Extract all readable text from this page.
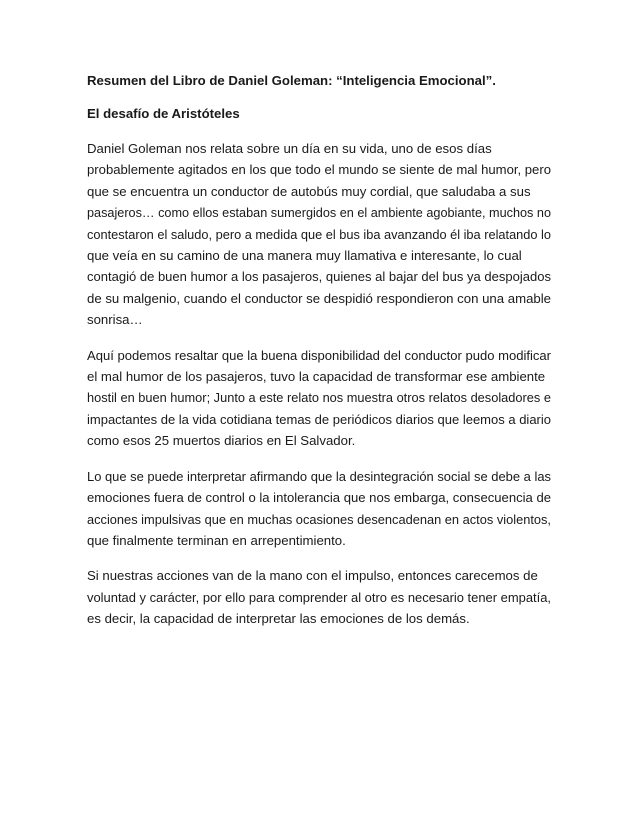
Resumen del Libro de Daniel Goleman: “Inteligencia Emocional”.
El desafío de Aristóteles
Daniel Goleman nos relata sobre un día en su vida, uno de esos días
probablemente agitados en los que todo el mundo se siente de mal humor, pero
que se encuentra un conductor de autobús muy cordial, que saludaba a sus
pasajeros… como ellos estaban sumergidos en el ambiente agobiante, muchos no
contestaron el saludo, pero a medida que el bus iba avanzando él iba relatando lo
que veía en su camino de una manera muy llamativa e interesante, lo cual
contagió de buen humor a los pasajeros, quienes al bajar del bus ya despojados
de su malgenio, cuando el conductor se despidió respondieron con una amable
sonrisa…
Aquí podemos resaltar que la buena disponibilidad del conductor pudo modificar
el mal humor de los pasajeros, tuvo la capacidad de transformar ese ambiente
hostil en buen humor; Junto a este relato nos muestra otros relatos desoladores e
impactantes de la vida cotidiana temas de periódicos diarios que leemos a diario
como esos 25 muertos diarios en El Salvador.
Lo que se puede interpretar afirmando que la desintegración social se debe a las
emociones fuera de control o la intolerancia que nos embarga, consecuencia de
acciones impulsivas que en muchas ocasiones desencadenan en actos violentos,
que finalmente terminan en arrepentimiento.
Si nuestras acciones van de la mano con el impulso, entonces carecemos de
voluntad y carácter, por ello para comprender al otro es necesario tener empatía,
es decir, la capacidad de interpretar las emociones de los demás.
